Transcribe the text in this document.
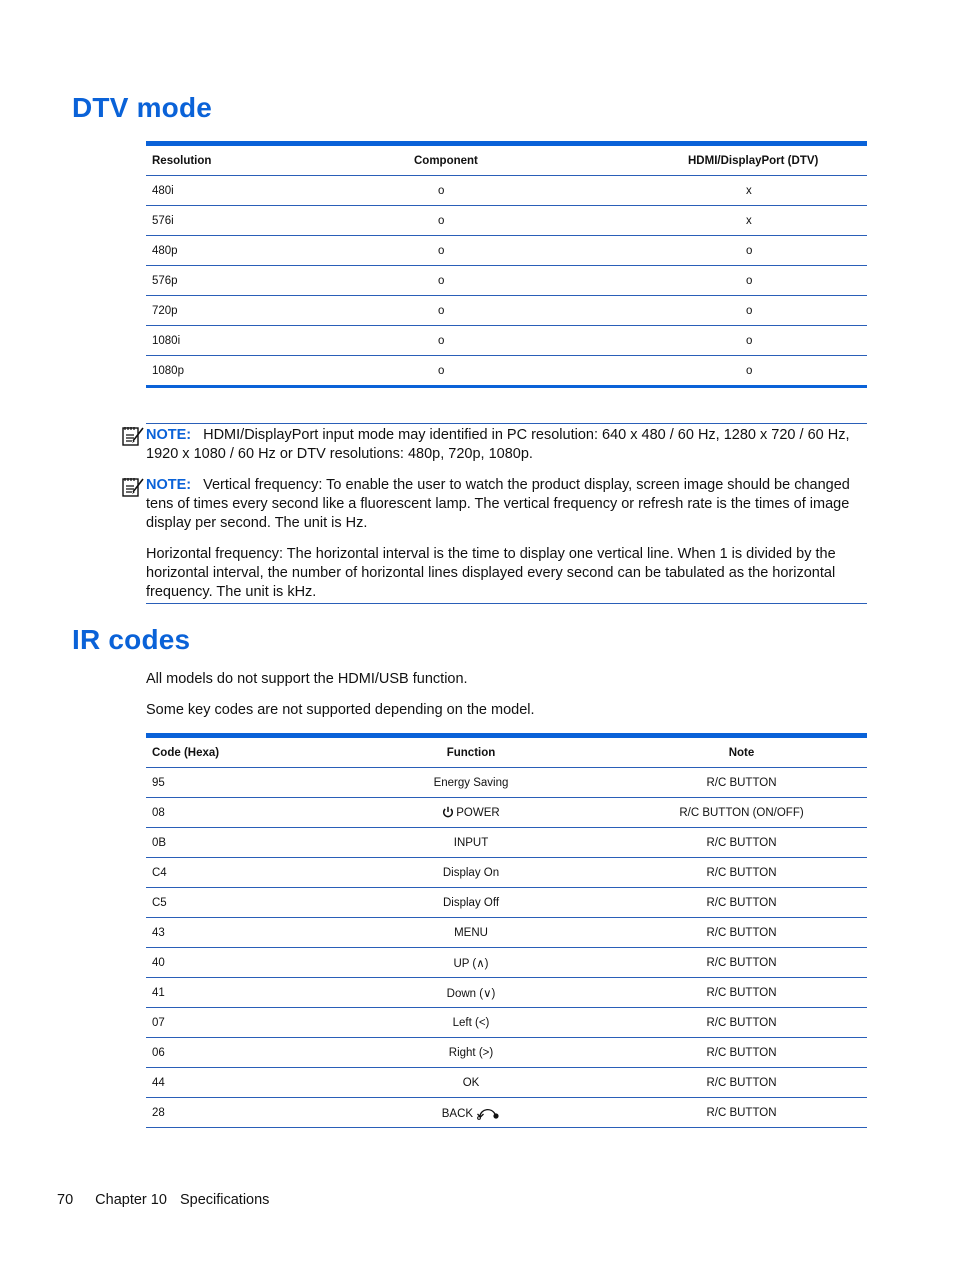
DTV mode
Resolution	Component	HDMI/DisplayPort (DTV)
480i	o	x
576i	o	x
480p	o	o
576p	o	o
720p	o	o
1080i	o	o
1080p	o	o
NOTE: HDMI/DisplayPort input mode may identified in PC resolution: 640 x 480 / 60 Hz, 1280 x 720 / 60 Hz, 1920 x 1080 / 60 Hz or DTV resolutions: 480p, 720p, 1080p.
NOTE: Vertical frequency: To enable the user to watch the product display, screen image should be changed tens of times every second like a fluorescent lamp. The vertical frequency or refresh rate is the times of image display per second. The unit is Hz.
Horizontal frequency: The horizontal interval is the time to display one vertical line. When 1 is divided by the horizontal interval, the number of horizontal lines displayed every second can be tabulated as the horizontal frequency. The unit is kHz.
IR codes
All models do not support the HDMI/USB function.
Some key codes are not supported depending on the model.
Code (Hexa)	Function	Note
95	Energy Saving	R/C BUTTON
08	POWER	R/C BUTTON (ON/OFF)
0B	INPUT	R/C BUTTON
C4	Display On	R/C BUTTON
C5	Display Off	R/C BUTTON
43	MENU	R/C BUTTON
40	UP (∧)	R/C BUTTON
41	Down (∨)	R/C BUTTON
07	Left (<)	R/C BUTTON
06	Right (>)	R/C BUTTON
44	OK	R/C BUTTON
28	BACK	R/C BUTTON
70 Chapter 10 Specifications
